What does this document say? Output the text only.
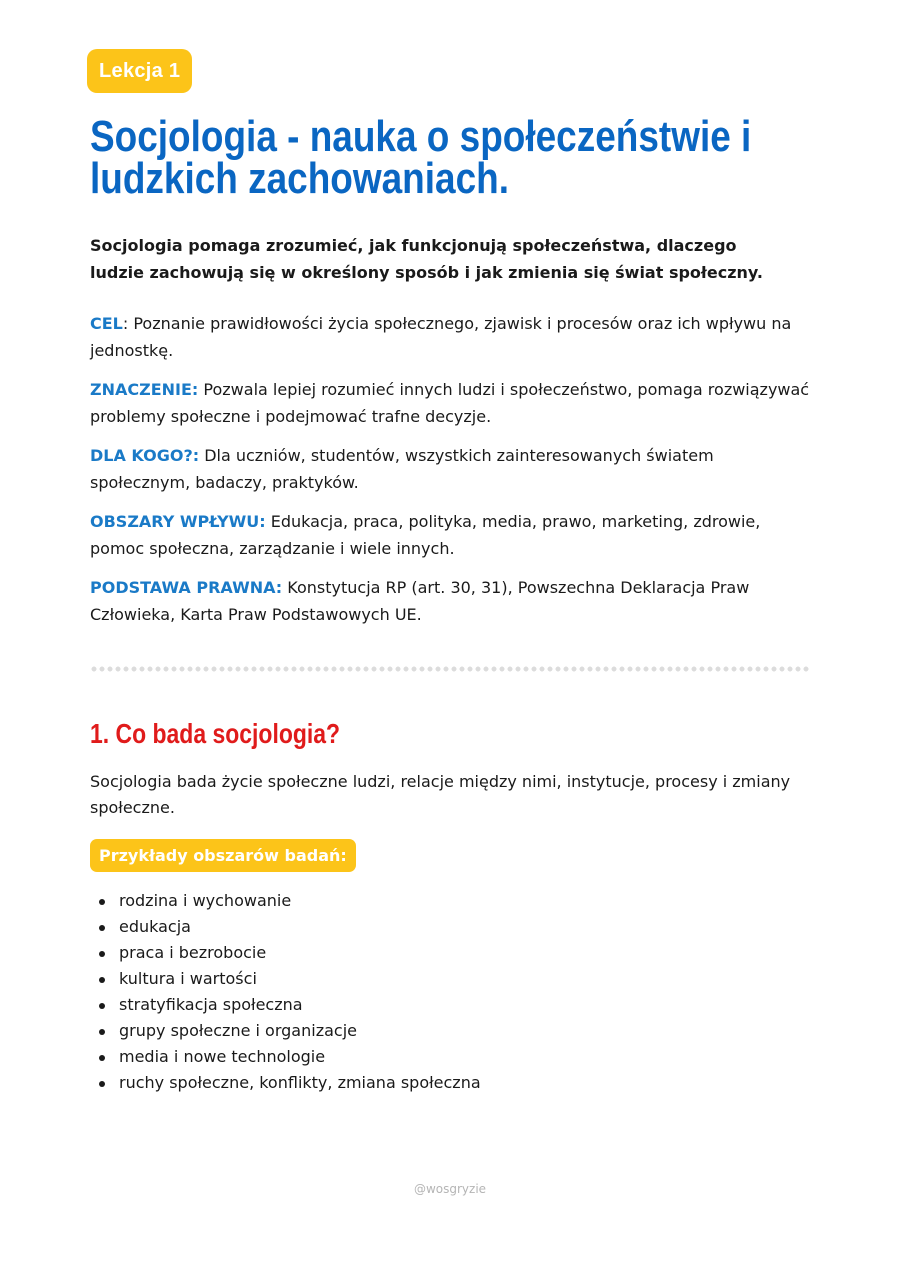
Lekcja 1
Socjologia - nauka o społeczeństwie i ludzkich zachowaniach.

Socjologia pomaga zrozumieć, jak funkcjonują społeczeństwa, dlaczego ludzie zachowują się w określony sposób i jak zmienia się świat społeczny.

CEL: Poznanie prawidłowości życia społecznego, zjawisk i procesów oraz ich wpływu na jednostkę.

ZNACZENIE: Pozwala lepiej rozumieć innych ludzi i społeczeństwo, pomaga rozwiązywać problemy społeczne i podejmować trafne decyzje.

DLA KOGO?: Dla uczniów, studentów, wszystkich zainteresowanych światem społecznym, badaczy, praktyków.

OBSZARY WPŁYWU: Edukacja, praca, polityka, media, prawo, marketing, zdrowie, pomoc społeczna, zarządzanie i wiele innych.

PODSTAWA PRAWNA: Konstytucja RP (art. 30, 31), Powszechna Deklaracja Praw Człowieka, Karta Praw Podstawowych UE.

1. Co bada socjologia?

Socjologia bada życie społeczne ludzi, relacje między nimi, instytucje, procesy i zmiany społeczne.

Przykłady obszarów badań:
rodzina i wychowanie
edukacja
praca i bezrobocie
kultura i wartości
stratyfikacja społeczna
grupy społeczne i organizacje
media i nowe technologie
ruchy społeczne, konflikty, zmiana społeczna
@wosgryzie
